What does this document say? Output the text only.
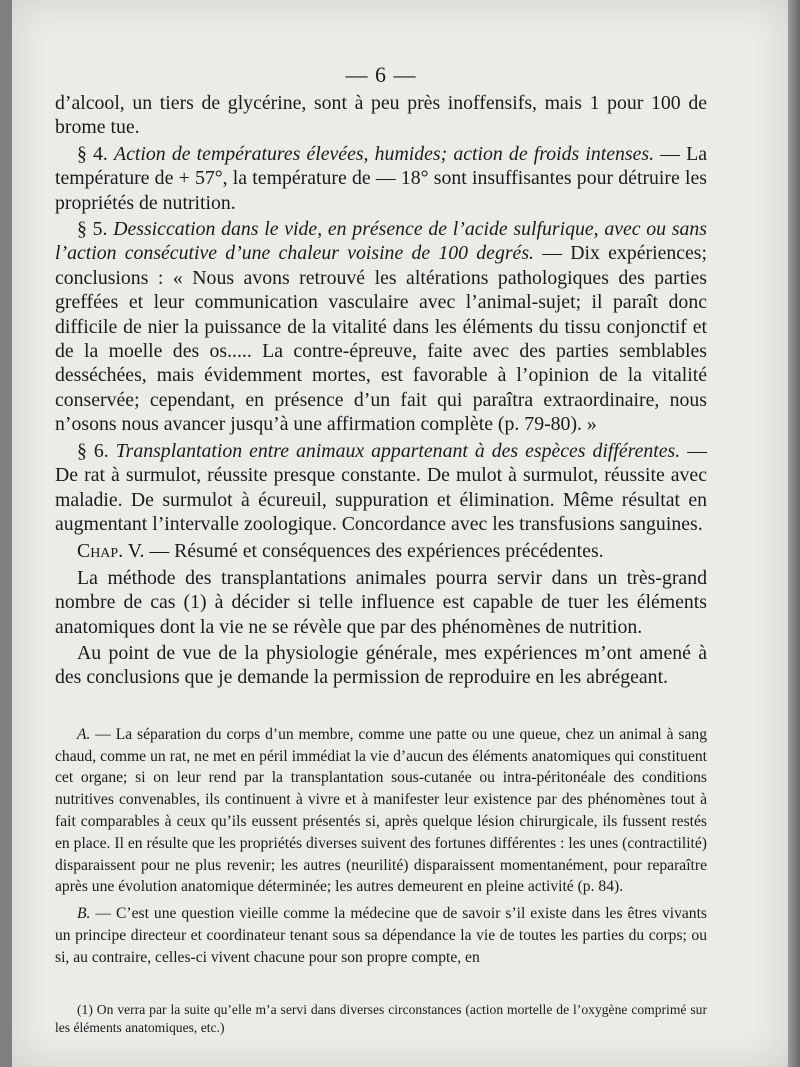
— 6 —

d’alcool, un tiers de glycérine, sont à peu près inoffensifs, mais 1 pour 100 de brome tue.

§ 4. Action de températures élevées, humides; action de froids intenses. — La température de + 57°, la température de — 18° sont insuffisantes pour détruire les propriétés de nutrition.

§ 5. Dessiccation dans le vide, en présence de l’acide sulfurique, avec ou sans l’action consécutive d’une chaleur voisine de 100 degrés. — Dix expériences; conclusions : « Nous avons retrouvé les altérations pathologiques des parties greffées et leur communication vasculaire avec l’animal-sujet; il paraît donc difficile de nier la puissance de la vitalité dans les éléments du tissu conjonctif et de la moelle des os..... La contre-épreuve, faite avec des parties semblables desséchées, mais évidemment mortes, est favorable à l’opinion de la vitalité conservée; cependant, en présence d’un fait qui paraîtra extraordinaire, nous n’osons nous avancer jusqu’à une affirmation complète (p. 79-80). »

§ 6. Transplantation entre animaux appartenant à des espèces différentes. — De rat à surmulot, réussite presque constante. De mulot à surmulot, réussite avec maladie. De surmulot à écureuil, suppuration et élimination. Même résultat en augmentant l’intervalle zoologique. Concordance avec les transfusions sanguines.

Chap. V. — Résumé et conséquences des expériences précédentes.

La méthode des transplantations animales pourra servir dans un très-grand nombre de cas (1) à décider si telle influence est capable de tuer les éléments anatomiques dont la vie ne se révèle que par des phénomènes de nutrition.

Au point de vue de la physiologie générale, mes expériences m’ont amené à des conclusions que je demande la permission de reproduire en les abrégeant.

A. — La séparation du corps d’un membre, comme une patte ou une queue, chez un animal à sang chaud, comme un rat, ne met en péril immédiat la vie d’aucun des éléments anatomiques qui constituent cet organe; si on leur rend par la transplantation sous-cutanée ou intra-péritonéale des conditions nutritives convenables, ils continuent à vivre et à manifester leur existence par des phénomènes tout à fait comparables à ceux qu’ils eussent présentés si, après quelque lésion chirurgicale, ils fussent restés en place. Il en résulte que les propriétés diverses suivent des fortunes différentes : les unes (contractilité) disparaissent pour ne plus revenir; les autres (neurilité) disparaissent momentanément, pour reparaître après une évolution anatomique déterminée; les autres demeurent en pleine activité (p. 84).

B. — C’est une question vieille comme la médecine que de savoir s’il existe dans les êtres vivants un principe directeur et coordinateur tenant sous sa dépendance la vie de toutes les parties du corps; ou si, au contraire, celles-ci vivent chacune pour son propre compte, en

(1) On verra par la suite qu’elle m’a servi dans diverses circonstances (action mortelle de l’oxygène comprimé sur les éléments anatomiques, etc.)
